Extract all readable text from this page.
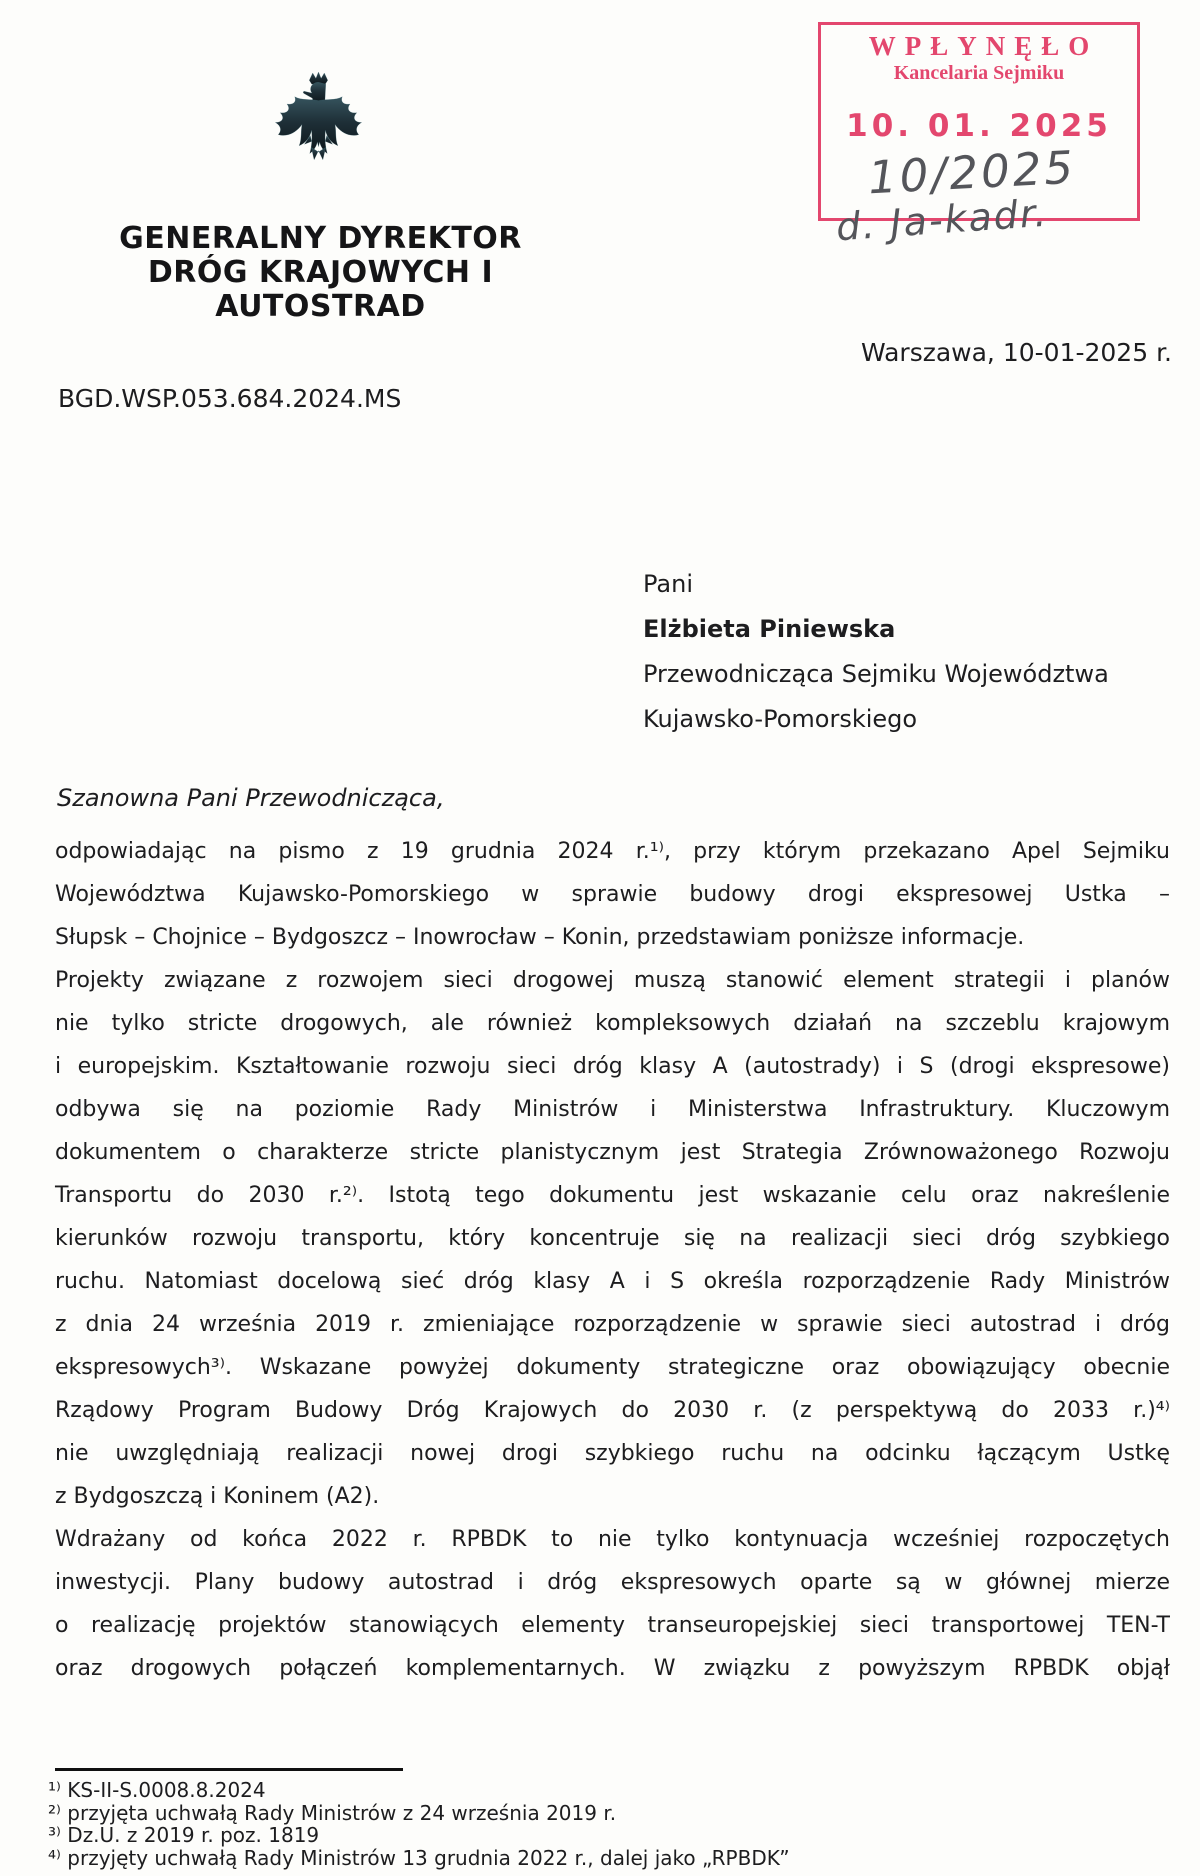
GENERALNY DYREKTOR
DRÓG KRAJOWYCH I AUTOSTRAD
WPŁYNĘŁO
Kancelaria Sejmiku
10. 01. 2025
10/2025
d. Ja-kadr.
Warszawa, 10-01-2025 r.
BGD.WSP.053.684.2024.MS
Pani
Elżbieta Piniewska
Przewodnicząca Sejmiku Województwa
Kujawsko-Pomorskiego
Szanowna Pani Przewodnicząca,
odpowiadając na pismo z 19 grudnia 2024 r.¹⁾, przy którym przekazano Apel Sejmiku
Województwa Kujawsko-Pomorskiego w sprawie budowy drogi ekspresowej Ustka –
Słupsk – Chojnice – Bydgoszcz – Inowrocław – Konin, przedstawiam poniższe informacje.
Projekty związane z rozwojem sieci drogowej muszą stanowić element strategii i planów
nie tylko stricte drogowych, ale również kompleksowych działań na szczeblu krajowym
i europejskim. Kształtowanie rozwoju sieci dróg klasy A (autostrady) i S (drogi ekspresowe)
odbywa się na poziomie Rady Ministrów i Ministerstwa Infrastruktury. Kluczowym
dokumentem o charakterze stricte planistycznym jest Strategia Zrównoważonego Rozwoju
Transportu do 2030 r.²⁾. Istotą tego dokumentu jest wskazanie celu oraz nakreślenie
kierunków rozwoju transportu, który koncentruje się na realizacji sieci dróg szybkiego
ruchu. Natomiast docelową sieć dróg klasy A i S określa rozporządzenie Rady Ministrów
z dnia 24 września 2019 r. zmieniające rozporządzenie w sprawie sieci autostrad i dróg
ekspresowych³⁾. Wskazane powyżej dokumenty strategiczne oraz obowiązujący obecnie
Rządowy Program Budowy Dróg Krajowych do 2030 r. (z perspektywą do 2033 r.)⁴⁾
nie uwzględniają realizacji nowej drogi szybkiego ruchu na odcinku łączącym Ustkę
z Bydgoszczą i Koninem (A2).
Wdrażany od końca 2022 r. RPBDK to nie tylko kontynuacja wcześniej rozpoczętych
inwestycji. Plany budowy autostrad i dróg ekspresowych oparte są w głównej mierze
o realizację projektów stanowiących elementy transeuropejskiej sieci transportowej TEN-T
oraz drogowych połączeń komplementarnych. W związku z powyższym RPBDK objął
¹⁾ KS-II-S.0008.8.2024
²⁾ przyjęta uchwałą Rady Ministrów z 24 września 2019 r.
³⁾ Dz.U. z 2019 r. poz. 1819
⁴⁾ przyjęty uchwałą Rady Ministrów 13 grudnia 2022 r., dalej jako „RPBDK”
